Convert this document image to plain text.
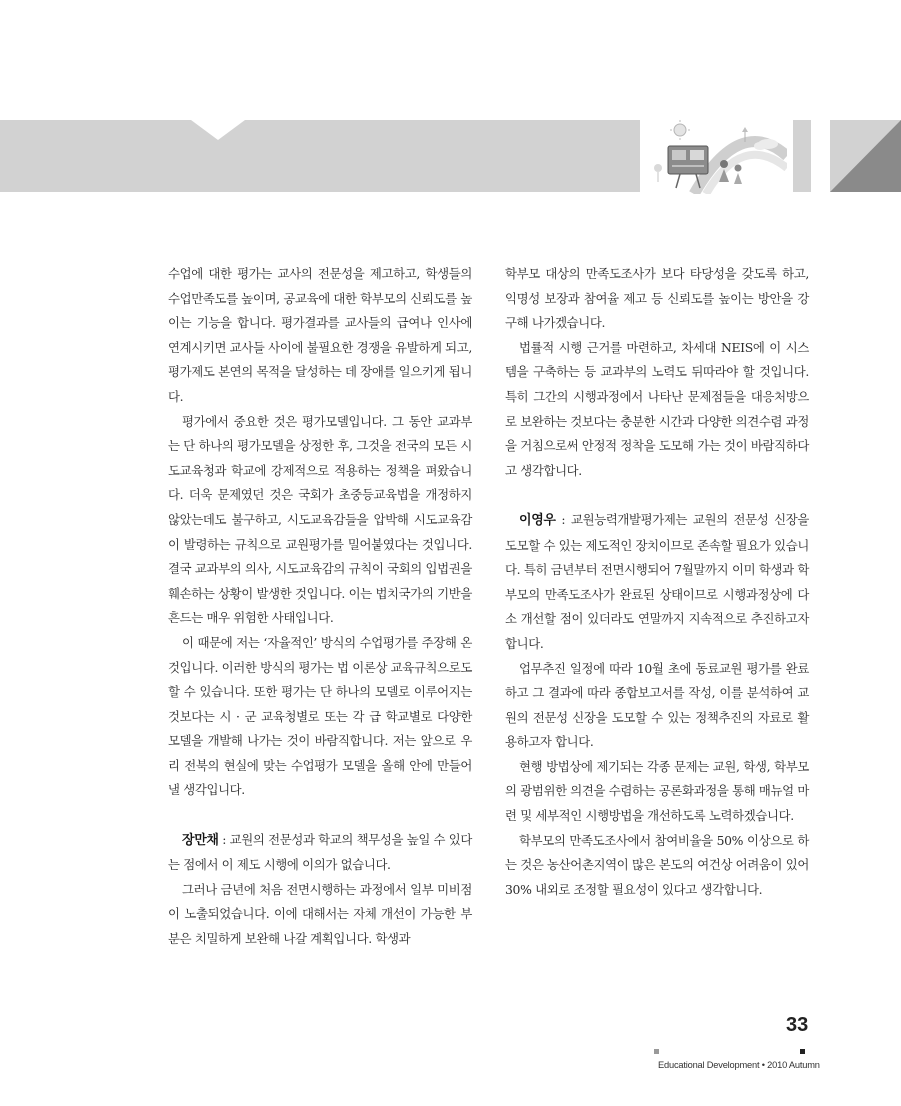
수업에 대한 평가는 교사의 전문성을 제고하고, 학생들의 수업만족도를 높이며, 공교육에 대한 학부모의 신뢰도를 높이는 기능을 합니다. 평가결과를 교사들의 급여나 인사에 연계시키면 교사들 사이에 불필요한 경쟁을 유발하게 되고, 평가제도 본연의 목적을 달성하는 데 장애를 일으키게 됩니다.

평가에서 중요한 것은 평가모델입니다. 그 동안 교과부는 단 하나의 평가모델을 상정한 후, 그것을 전국의 모든 시도교육청과 학교에 강제적으로 적용하는 정책을 펴왔습니다. 더욱 문제였던 것은 국회가 초중등교육법을 개정하지 않았는데도 불구하고, 시도교육감들을 압박해 시도교육감이 발령하는 규칙으로 교원평가를 밀어붙였다는 것입니다. 결국 교과부의 의사, 시도교육감의 규칙이 국회의 입법권을 훼손하는 상황이 발생한 것입니다. 이는 법치국가의 기반을 흔드는 매우 위험한 사태입니다.

이 때문에 저는 ‘자율적인’ 방식의 수업평가를 주장해 온 것입니다. 이러한 방식의 평가는 법 이론상 교육규칙으로도 할 수 있습니다. 또한 평가는 단 하나의 모델로 이루어지는 것보다는 시 · 군 교육청별로 또는 각 급 학교별로 다양한 모델을 개발해 나가는 것이 바람직합니다. 저는 앞으로 우리 전북의 현실에 맞는 수업평가 모델을 올해 안에 만들어낼 생각입니다.

장만채 : 교원의 전문성과 학교의 책무성을 높일 수 있다는 점에서 이 제도 시행에 이의가 없습니다.

그러나 금년에 처음 전면시행하는 과정에서 일부 미비점이 노출되었습니다. 이에 대해서는 자체 개선이 가능한 부분은 치밀하게 보완해 나갈 계획입니다. 학생과

학부모 대상의 만족도조사가 보다 타당성을 갖도록 하고, 익명성 보장과 참여율 제고 등 신뢰도를 높이는 방안을 강구해 나가겠습니다.

법률적 시행 근거를 마련하고, 차세대 NEIS에 이 시스템을 구축하는 등 교과부의 노력도 뒤따라야 할 것입니다. 특히 그간의 시행과정에서 나타난 문제점들을 대응처방으로 보완하는 것보다는 충분한 시간과 다양한 의견수렴 과정을 거침으로써 안정적 정착을 도모해 가는 것이 바람직하다고 생각합니다.

이영우 : 교원능력개발평가제는 교원의 전문성 신장을 도모할 수 있는 제도적인 장치이므로 존속할 필요가 있습니다. 특히 금년부터 전면시행되어 7월말까지 이미 학생과 학부모의 만족도조사가 완료된 상태이므로 시행과정상에 다소 개선할 점이 있더라도 연말까지 지속적으로 추진하고자 합니다.

업무추진 일정에 따라 10월 초에 동료교원 평가를 완료하고 그 결과에 따라 종합보고서를 작성, 이를 분석하여 교원의 전문성 신장을 도모할 수 있는 정책추진의 자료로 활용하고자 합니다.

현행 방법상에 제기되는 각종 문제는 교원, 학생, 학부모의 광범위한 의견을 수렴하는 공론화과정을 통해 매뉴얼 마련 및 세부적인 시행방법을 개선하도록 노력하겠습니다.

학부모의 만족도조사에서 참여비율을 50% 이상으로 하는 것은 농산어촌지역이 많은 본도의 여건상 어려움이 있어 30% 내외로 조정할 필요성이 있다고 생각합니다.

33
Educational Development • 2010 Autumn
